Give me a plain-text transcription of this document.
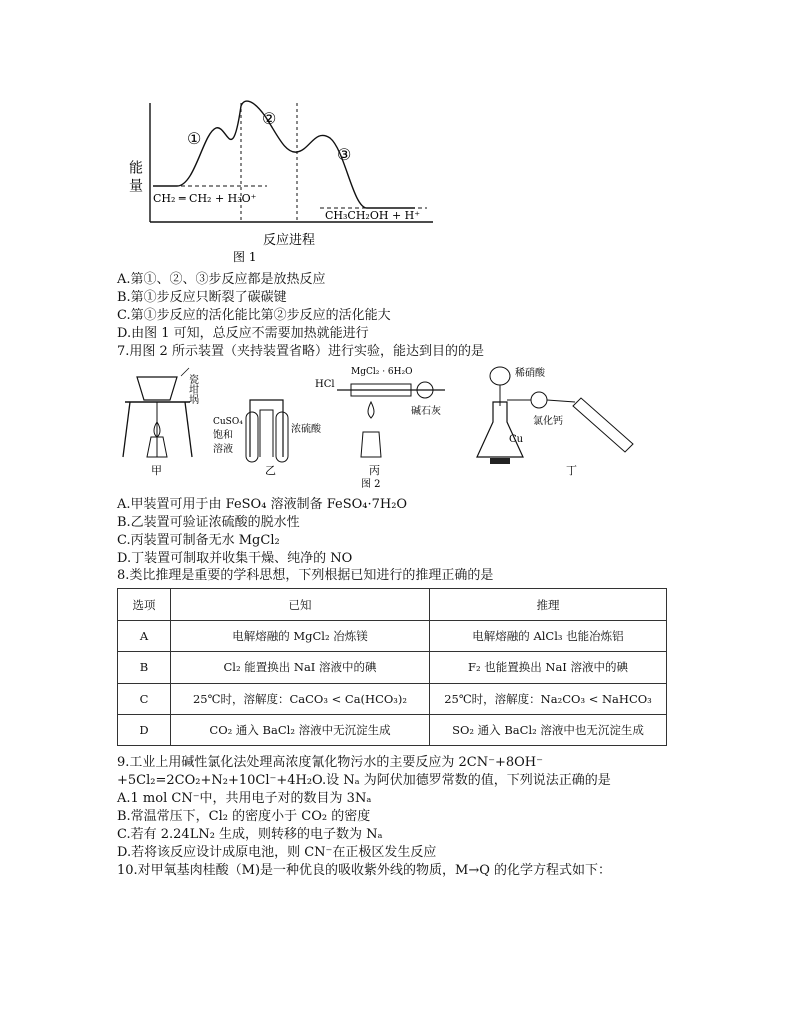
能量
①
②
③
CH₂ ═ CH₂ + H₃O⁺
CH₃CH₂OH + H⁺
反应进程
图 1
A.第①、②、③步反应都是放热反应
B.第①步反应只断裂了碳碳键
C.第①步反应的活化能比第②步反应的活化能大
D.由图 1 可知，总反应不需要加热就能进行
7.用图 2 所示装置（夹持装置省略）进行实验，能达到目的的是
瓷坩埚
甲
CuSO₄
饱和
溶液
浓硫酸
乙
HCl
MgCl₂ · 6H₂O
碱石灰
丙
图 2
稀硝酸
氯化钙
Cu
丁
A.甲装置可用于由 FeSO₄ 溶液制备 FeSO₄·7H₂O
B.乙装置可验证浓硫酸的脱水性
C.丙装置可制备无水 MgCl₂
D.丁装置可制取并收集干燥、纯净的 NO
8.类比推理是重要的学科思想，下列根据已知进行的推理正确的是
选项	已知	推理
A	电解熔融的 MgCl₂ 冶炼镁	电解熔融的 AlCl₃ 也能冶炼铝
B	Cl₂ 能置换出 NaI 溶液中的碘	F₂ 也能置换出 NaI 溶液中的碘
C	25℃时，溶解度：CaCO₃ < Ca(HCO₃)₂	25℃时，溶解度：Na₂CO₃ < NaHCO₃
D	CO₂ 通入 BaCl₂ 溶液中无沉淀生成	SO₂ 通入 BaCl₂ 溶液中也无沉淀生成
9.工业上用碱性氯化法处理高浓度氰化物污水的主要反应为 2CN⁻+8OH⁻
+5Cl₂=2CO₂+N₂+10Cl⁻+4H₂O.设 Nₐ 为阿伏加德罗常数的值，下列说法正确的是
A.1 mol CN⁻中，共用电子对的数目为 3Nₐ
B.常温常压下，Cl₂ 的密度小于 CO₂ 的密度
C.若有 2.24LN₂ 生成，则转移的电子数为 Nₐ
D.若将该反应设计成原电池，则 CN⁻在正极区发生反应
10.对甲氧基肉桂酸（M)是一种优良的吸收紫外线的物质，M→Q 的化学方程式如下：
